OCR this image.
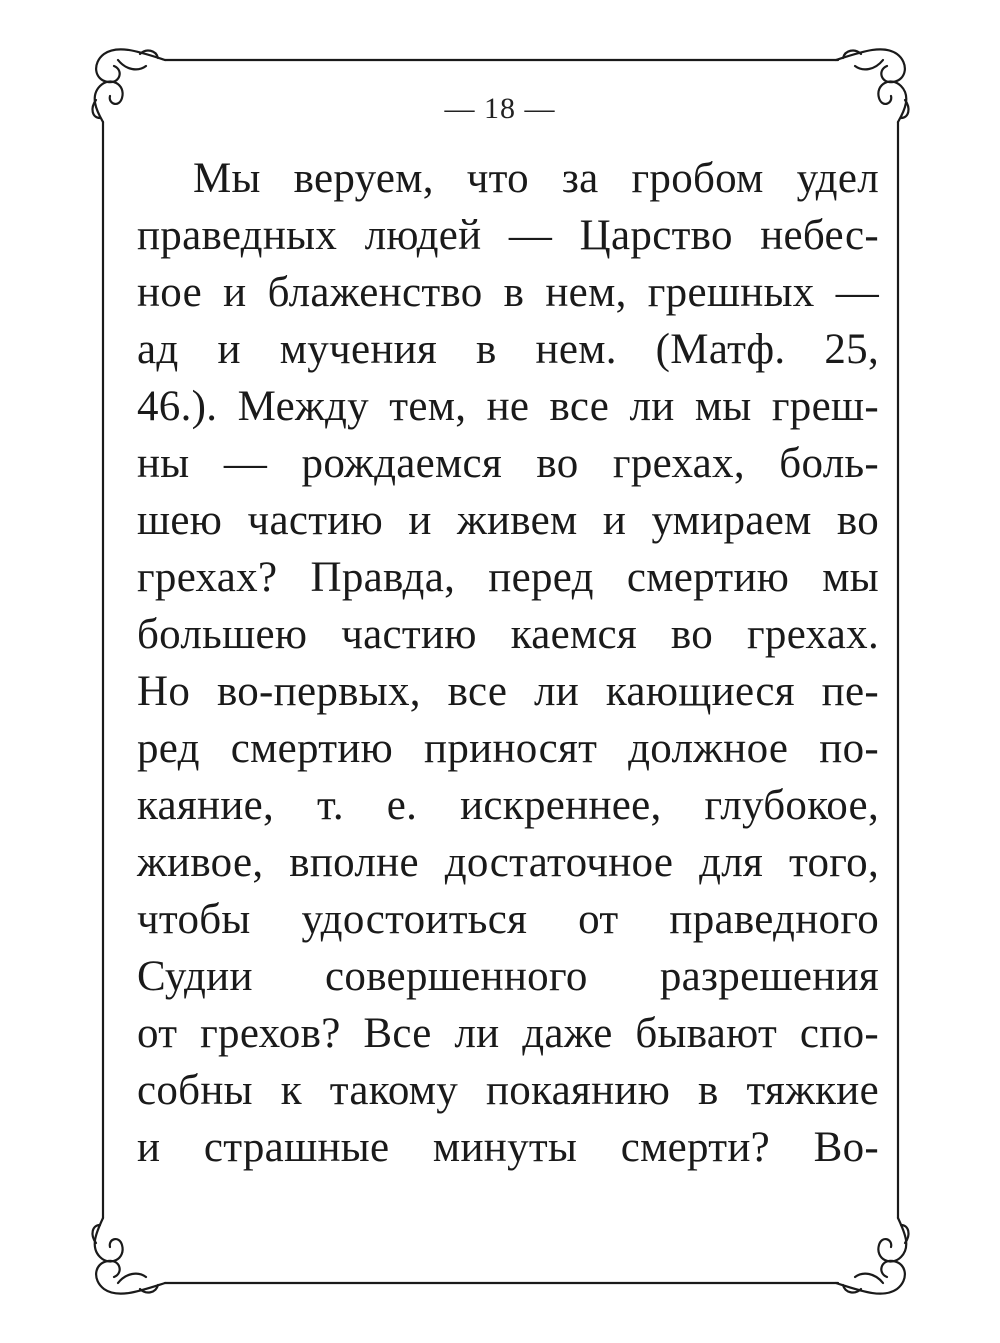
— 18 —
Мы веруем, что за гробом удел
праведных людей — Царство небес-
ное и блаженство в нем, грешных —
ад и мучения в нем. (Матф. 25,
46.). Между тем, не все ли мы греш-
ны — рождаемся во грехах, боль-
шею частию и живем и умираем во
грехах? Правда, перед смертию мы
большею частию каемся во грехах.
Но во-первых, все ли кающиеся пе-
ред смертию приносят должное по-
каяние, т. е. искреннее, глубокое,
живое, вполне достаточное для того,
чтобы удостоиться от праведного
Судии совершенного разрешения
от грехов? Все ли даже бывают спо-
собны к такому покаянию в тяжкие
и страшные минуты смерти? Во-
